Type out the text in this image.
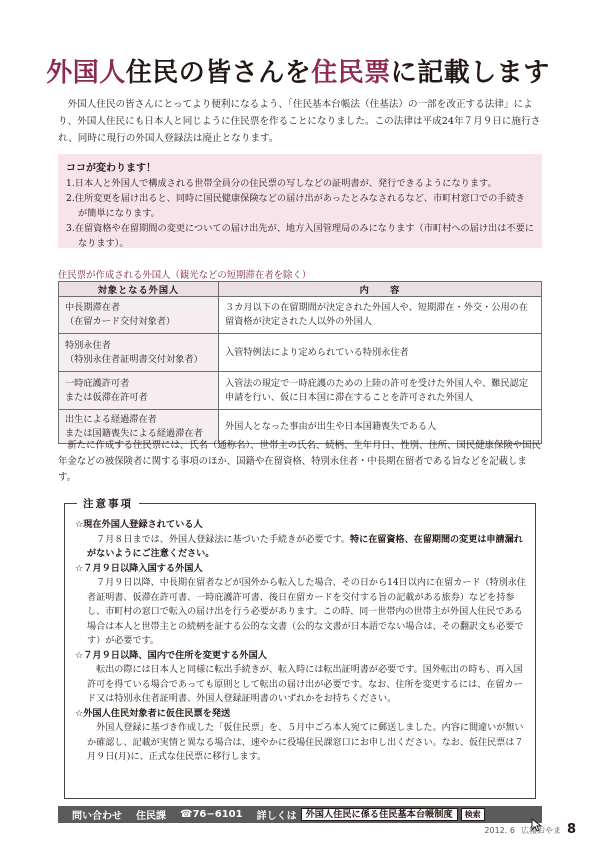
外国人住民の皆さんを住民票に記載します

外国人住民の皆さんにとってより便利になるよう、「住民基本台帳法（住基法）の一部を改正する法律」により、外国人住民にも日本人と同じように住民票を作ることになりました。この法律は平成24年７月９日に施行され、同時に現行の外国人登録法は廃止となります。

ココが変わります！
1.日本人と外国人で構成される世帯全員分の住民票の写しなどの証明書が、発行できるようになります。
2.住所変更を届け出ると、同時に国民健康保険などの届け出があったとみなされるなど、市町村窓口での手続きが簡単になります。
3.在留資格や在留期間の変更についての届け出先が、地方入国管理局のみになります（市町村への届け出は不要になります）。
住民票が作成される外国人（観光などの短期滞在者を除く）
対象となる外国人	内　　容

中長期滞在者
（在留カード交付対象者）	３カ月以下の在留期間が決定された外国人や、短期滞在・外交・公用の在留資格が決定された人以外の外国人

特別永住者
（特別永住者証明書交付対象者）	入管特例法により定められている特別永住者

一時庇護許可者
または仮滞在許可者	入管法の規定で一時庇護のための上陸の許可を受けた外国人や、難民認定申請を行い、仮に日本国に滞在することを許可された外国人

出生による経過滞在者
または国籍喪失による経過滞在者	外国人となった事由が出生や日本国籍喪失である人

新たに作成する住民票には、氏名（通称名）、世帯主の氏名、続柄、生年月日、性別、住所、国民健康保険や国民年金などの被保険者に関する事項のほか、国籍や在留資格、特別永住者・中長期在留者である旨などを記載します。

注意事項
☆現在外国人登録されている人

７月８日までは、外国人登録法に基づいた手続きが必要です。特に在留資格、在留期間の変更は申請漏れがないようにご注意ください。

☆７月９日以降入国する外国人

７月９日以降、中長期在留者などが国外から転入した場合、その日から14日以内に在留カード（特別永住者証明書、仮滞在許可書、一時庇護許可書、後日在留カードを交付する旨の記載がある旅券）などを持参し、市町村の窓口で転入の届け出を行う必要があります。この時、同一世帯内の世帯主が外国人住民である場合は本人と世帯主との続柄を証する公的な文書（公的な文書が日本語でない場合は、その翻訳文も必要です）が必要です。

☆７月９日以降、国内で住所を変更する外国人

転出の際には日本人と同様に転出手続きが、転入時には転出証明書が必要です。国外転出の時も、再入国許可を得ている場合であっても原則として転出の届け出が必要です。なお、住所を変更するには、在留カード又は特別永住者証明書、外国人登録証明書のいずれかをお持ちください。

☆外国人住民対象者に仮住民票を発送

外国人登録に基づき作成した「仮住民票」を、５月中ごろ本人宛てに郵送しました。内容に間違いが無いか確認し、記載が実情と異なる場合は、速やかに役場住民課窓口にお申し出ください。なお、仮住民票は７月９日(月)に、正式な住民票に移行します。

問い合わせ 住民課 ☎76−6101 詳しくは 外国人住民に係る住民基本台帳制度	検索
2012. 6 広報おやま 8
